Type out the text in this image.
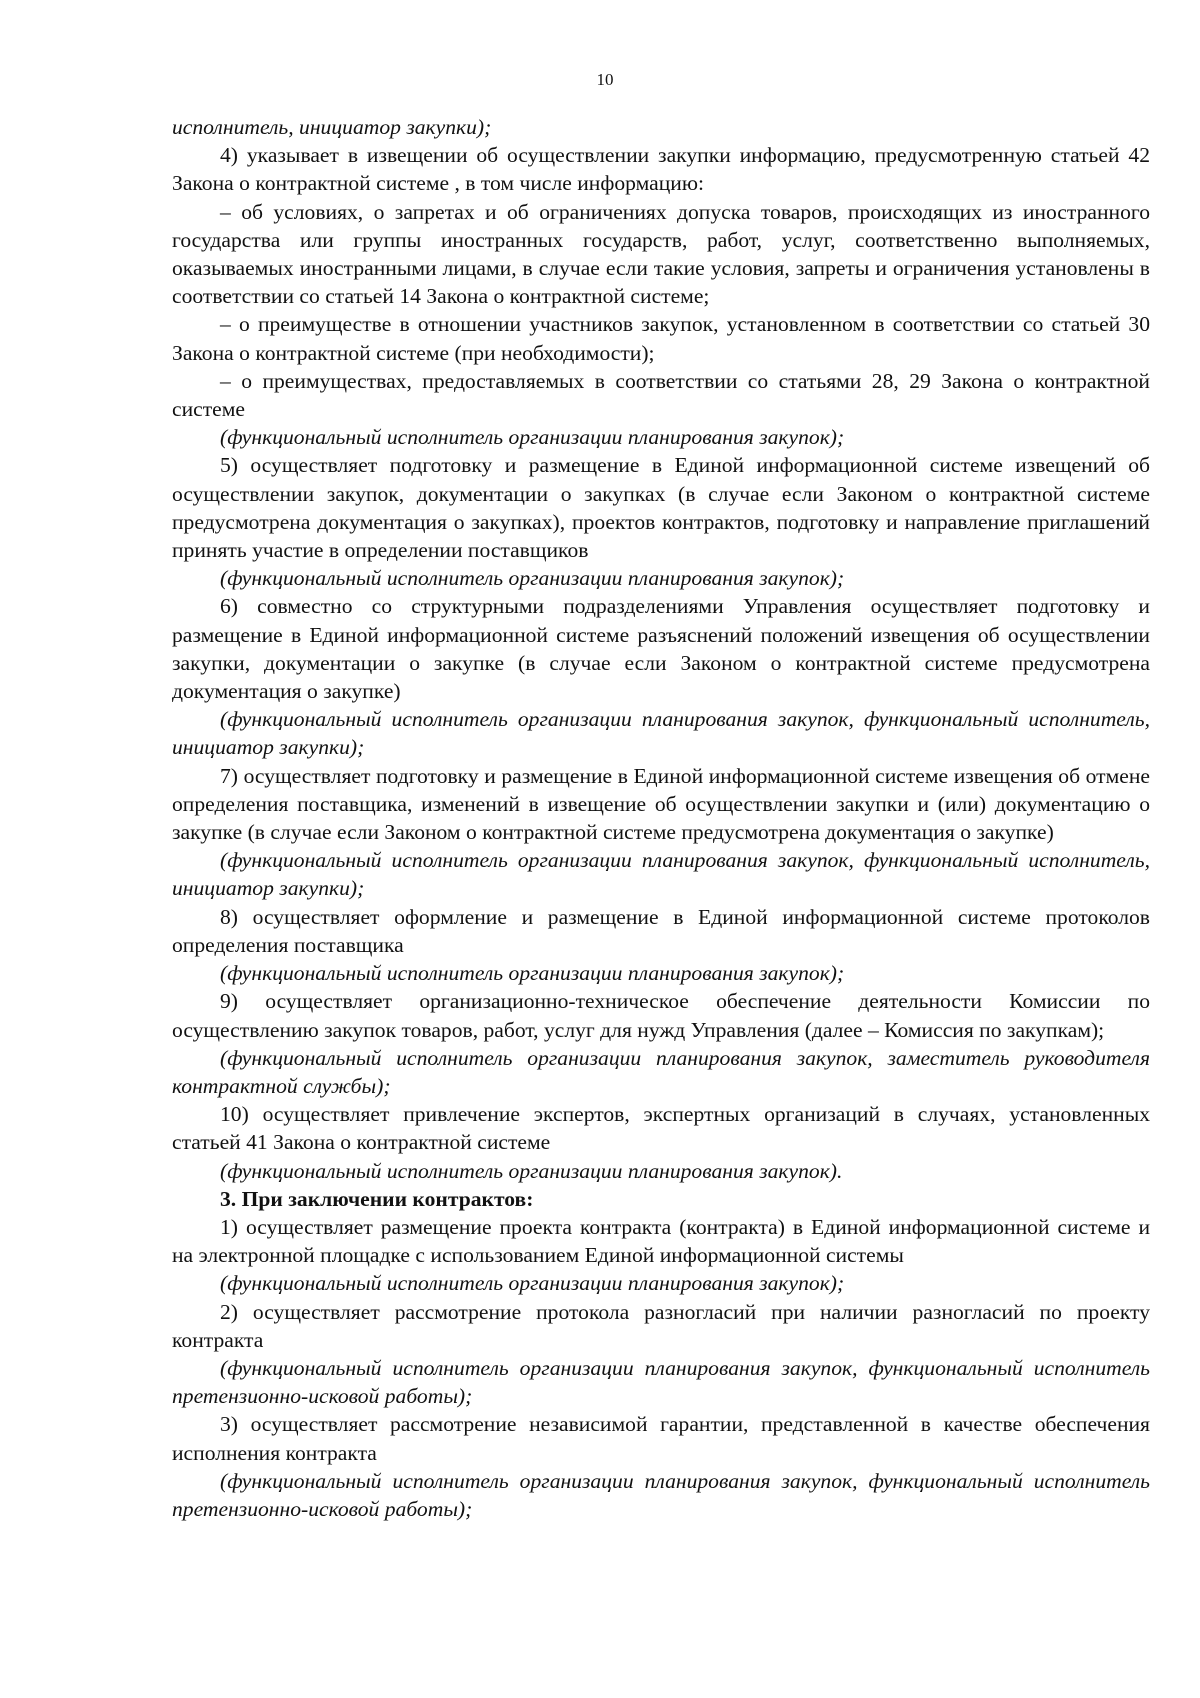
10

исполнитель, инициатор закупки);

4) указывает в извещении об осуществлении закупки информацию, предусмотренную статьей 42 Закона о контрактной системе , в том числе информацию:

– об условиях, о запретах и об ограничениях допуска товаров, происходящих из иностранного государства или группы иностранных государств, работ, услуг, соответственно выполняемых, оказываемых иностранными лицами, в случае если такие условия, запреты и ограничения установлены в соответствии со статьей 14 Закона о контрактной системе;

– о преимуществе в отношении участников закупок, установленном в соответствии со статьей 30 Закона о контрактной системе (при необходимости);

– о преимуществах, предоставляемых в соответствии со статьями 28, 29 Закона о контрактной системе

(функциональный исполнитель организации планирования закупок);

5) осуществляет подготовку и размещение в Единой информационной системе извещений об осуществлении закупок, документации о закупках (в случае если Законом о контрактной системе предусмотрена документация о закупках), проектов контрактов, подготовку и направление приглашений принять участие в определении поставщиков

(функциональный исполнитель организации планирования закупок);

6) совместно со структурными подразделениями Управления осуществляет подготовку и размещение в Единой информационной системе разъяснений положений извещения об осуществлении закупки, документации о закупке (в случае если Законом о контрактной системе предусмотрена документация о закупке)

(функциональный исполнитель организации планирования закупок, функциональный исполнитель, инициатор закупки);

7) осуществляет подготовку и размещение в Единой информационной системе извещения об отмене определения поставщика, изменений в извещение об осуществлении закупки и (или) документацию о закупке (в случае если Законом о контрактной системе предусмотрена документация о закупке)

(функциональный исполнитель организации планирования закупок, функциональный исполнитель, инициатор закупки);

8) осуществляет оформление и размещение в Единой информационной системе протоколов определения поставщика

(функциональный исполнитель организации планирования закупок);

9) осуществляет организационно-техническое обеспечение деятельности Комиссии по осуществлению закупок товаров, работ, услуг для нужд Управления (далее – Комиссия по закупкам);

(функциональный исполнитель организации планирования закупок, заместитель руководителя контрактной службы);

10) осуществляет привлечение экспертов, экспертных организаций в случаях, установленных статьей 41 Закона о контрактной системе

(функциональный исполнитель организации планирования закупок).

3. При заключении контрактов:

1) осуществляет размещение проекта контракта (контракта) в Единой информационной системе и на электронной площадке с использованием Единой информационной системы

(функциональный исполнитель организации планирования закупок);

2) осуществляет рассмотрение протокола разногласий при наличии разногласий по проекту контракта

(функциональный исполнитель организации планирования закупок, функциональный исполнитель претензионно-исковой работы);

3) осуществляет рассмотрение независимой гарантии, представленной в качестве обеспечения исполнения контракта

(функциональный исполнитель организации планирования закупок, функциональный исполнитель претензионно-исковой работы);
